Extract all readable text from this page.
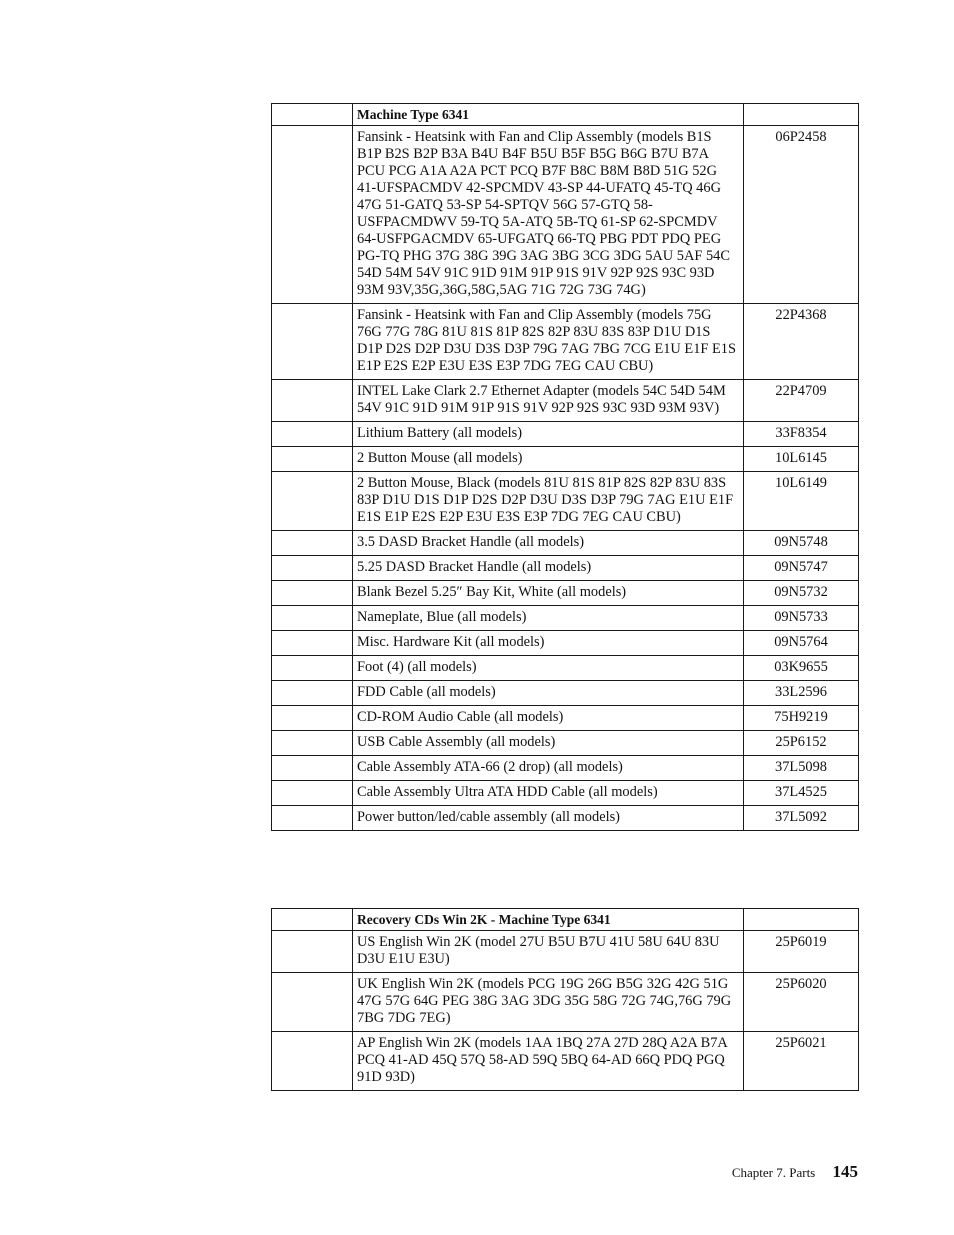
	Machine Type 6341	
	Fansink - Heatsink with Fan and Clip Assembly (models B1S B1P B2S B2P B3A B4U B4F B5U B5F B5G B6G B7U B7A PCU PCG A1A A2A PCT PCQ B7F B8C B8M B8D 51G 52G 41-UFSPACMDV 42-SPCMDV 43-SP 44-UFATQ 45-TQ 46G 47G 51-GATQ 53-SP 54-SPTQV 56G 57-GTQ 58-USFPACMDWV 59-TQ 5A-ATQ 5B-TQ 61-SP 62-SPCMDV 64-USFPGACMDV 65-UFGATQ 66-TQ PBG PDT PDQ PEG PG-TQ PHG 37G 38G 39G 3AG 3BG 3CG 3DG 5AU 5AF 54C 54D 54M 54V 91C 91D 91M 91P 91S 91V 92P 92S 93C 93D 93M 93V,35G,36G,58G,5AG 71G 72G 73G 74G)	06P2458
	Fansink - Heatsink with Fan and Clip Assembly (models 75G 76G 77G 78G 81U 81S 81P 82S 82P 83U 83S 83P D1U D1S D1P D2S D2P D3U D3S D3P 79G 7AG 7BG 7CG E1U E1F E1S E1P E2S E2P E3U E3S E3P 7DG 7EG CAU CBU)	22P4368
	INTEL Lake Clark 2.7 Ethernet Adapter (models 54C 54D 54M 54V 91C 91D 91M 91P 91S 91V 92P 92S 93C 93D 93M 93V)	22P4709
	Lithium Battery (all models)	33F8354
	2 Button Mouse (all models)	10L6145
	2 Button Mouse, Black (models 81U 81S 81P 82S 82P 83U 83S 83P D1U D1S D1P D2S D2P D3U D3S D3P 79G 7AG E1U E1F E1S E1P E2S E2P E3U E3S E3P 7DG 7EG CAU CBU)	10L6149
	3.5 DASD Bracket Handle (all models)	09N5748
	5.25 DASD Bracket Handle (all models)	09N5747
	Blank Bezel 5.25″ Bay Kit, White (all models)	09N5732
	Nameplate, Blue (all models)	09N5733
	Misc. Hardware Kit (all models)	09N5764
	Foot (4) (all models)	03K9655
	FDD Cable (all models)	33L2596
	CD-ROM Audio Cable (all models)	75H9219
	USB Cable Assembly (all models)	25P6152
	Cable Assembly ATA-66 (2 drop) (all models)	37L5098
	Cable Assembly Ultra ATA HDD Cable (all models)	37L4525
	Power button/led/cable assembly (all models)	37L5092
	Recovery CDs Win 2K - Machine Type 6341	
	US English Win 2K (model 27U B5U B7U 41U 58U 64U 83U D3U E1U E3U)	25P6019
	UK English Win 2K (models PCG 19G 26G B5G 32G 42G 51G 47G 57G 64G PEG 38G 3AG 3DG 35G 58G 72G 74G,76G 79G 7BG 7DG 7EG)	25P6020
	AP English Win 2K (models 1AA 1BQ 27A 27D 28Q A2A B7A PCQ 41-AD 45Q 57Q 58-AD 59Q 5BQ 64-AD 66Q PDQ PGQ 91D 93D)	25P6021
Chapter 7. Parts 145
